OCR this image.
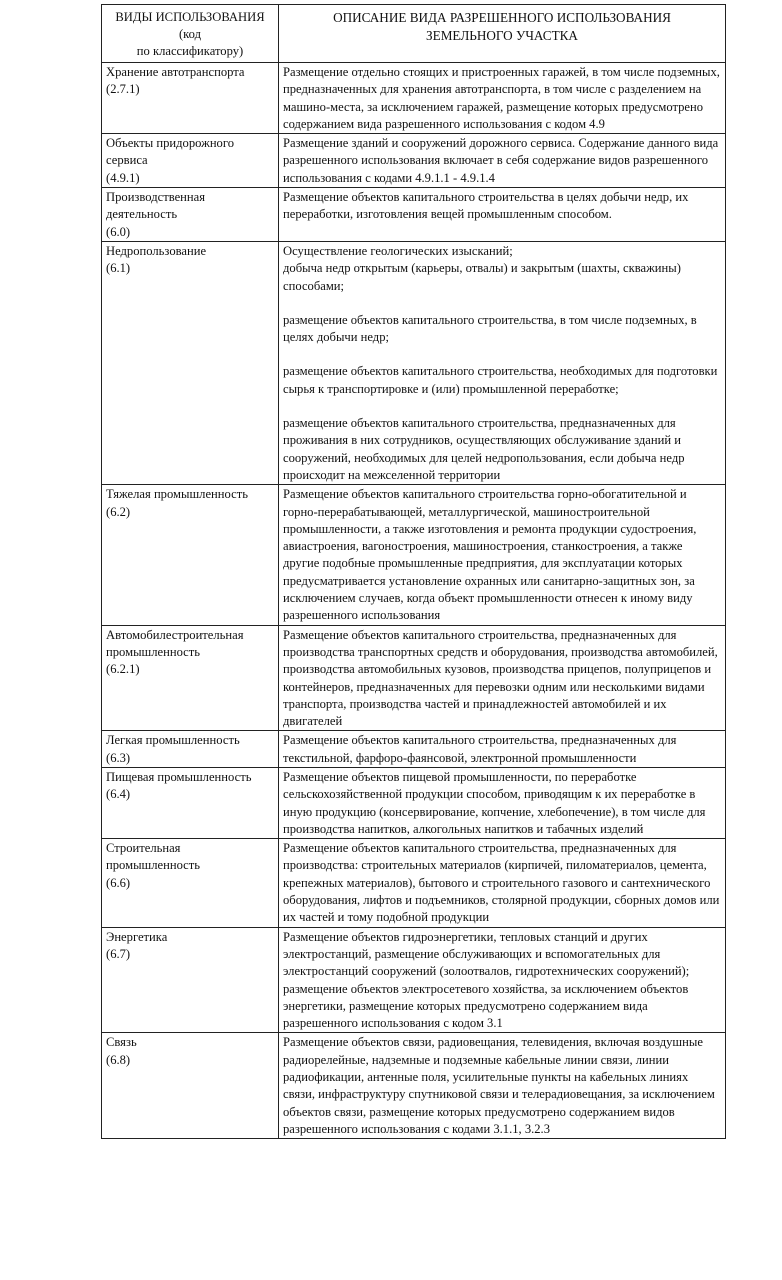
ВИДЫ ИСПОЛЬЗОВАНИЯ
(код
по классификатору)	ОПИСАНИЕ ВИДА РАЗРЕШЕННОГО ИСПОЛЬЗОВАНИЯ
ЗЕМЕЛЬНОГО УЧАСТКА

Хранение автотранспорта
(2.7.1)	Размещение отдельно стоящих и пристроенных гаражей, в том числе подземных, предназначенных для хранения автотранспорта, в том числе с разделением на машино-места, за исключением гаражей, размещение которых предусмотрено содержанием вида разрешенного использования с кодом 4.9

Объекты придорожного сервиса
(4.9.1)	Размещение зданий и сооружений дорожного сервиса. Содержание данного вида разрешенного использования включает в себя содержание видов разрешенного использования с кодами 4.9.1.1 - 4.9.1.4

Производственная деятельность
(6.0)	Размещение объектов капитального строительства в целях добычи недр, их переработки, изготовления вещей промышленным способом.

Недропользование
(6.1)	Осуществление геологических изысканий;
добыча недр открытым (карьеры, отвалы) и закрытым (шахты, скважины) способами;
размещение объектов капитального строительства, в том числе подземных, в целях добычи недр;
размещение объектов капитального строительства, необходимых для подготовки сырья к транспортировке и (или) промышленной переработке;
размещение объектов капитального строительства, предназначенных для проживания в них сотрудников, осуществляющих обслуживание зданий и сооружений, необходимых для целей недропользования, если добыча недр происходит на межселенной территории

Тяжелая промышленность
(6.2)	Размещение объектов капитального строительства горно-обогатительной и горно-перерабатывающей, металлургической, машиностроительной промышленности, а также изготовления и ремонта продукции судостроения, авиастроения, вагоностроения, машиностроения, станкостроения, а также другие подобные промышленные предприятия, для эксплуатации которых предусматривается установление охранных или санитарно-защитных зон, за исключением случаев, когда объект промышленности отнесен к иному виду разрешенного использования

Автомобилестроительная промышленность
(6.2.1)	Размещение объектов капитального строительства, предназначенных для производства транспортных средств и оборудования, производства автомобилей, производства автомобильных кузовов, производства прицепов, полуприцепов и контейнеров, предназначенных для перевозки одним или несколькими видами транспорта, производства частей и принадлежностей автомобилей и их двигателей

Легкая промышленность
(6.3)	Размещение объектов капитального строительства, предназначенных для текстильной, фарфоро-фаянсовой, электронной промышленности

Пищевая промышленность
(6.4)	Размещение объектов пищевой промышленности, по переработке сельскохозяйственной продукции способом, приводящим к их переработке в иную продукцию (консервирование, копчение, хлебопечение), в том числе для производства напитков, алкогольных напитков и табачных изделий

Строительная промышленность
(6.6)	Размещение объектов капитального строительства, предназначенных для производства: строительных материалов (кирпичей, пиломатериалов, цемента, крепежных материалов), бытового и строительного газового и сантехнического оборудования, лифтов и подъемников, столярной продукции, сборных домов или их частей и тому подобной продукции

Энергетика
(6.7)	Размещение объектов гидроэнергетики, тепловых станций и других электростанций, размещение обслуживающих и вспомогательных для электростанций сооружений (золоотвалов, гидротехнических сооружений);
размещение объектов электросетевого хозяйства, за исключением объектов энергетики, размещение которых предусмотрено содержанием вида разрешенного использования с кодом 3.1

Связь
(6.8)	Размещение объектов связи, радиовещания, телевидения, включая воздушные радиорелейные, надземные и подземные кабельные линии связи, линии радиофикации, антенные поля, усилительные пункты на кабельных линиях связи, инфраструктуру спутниковой связи и телерадиовещания, за исключением объектов связи, размещение которых предусмотрено содержанием видов разрешенного использования с кодами 3.1.1, 3.2.3
